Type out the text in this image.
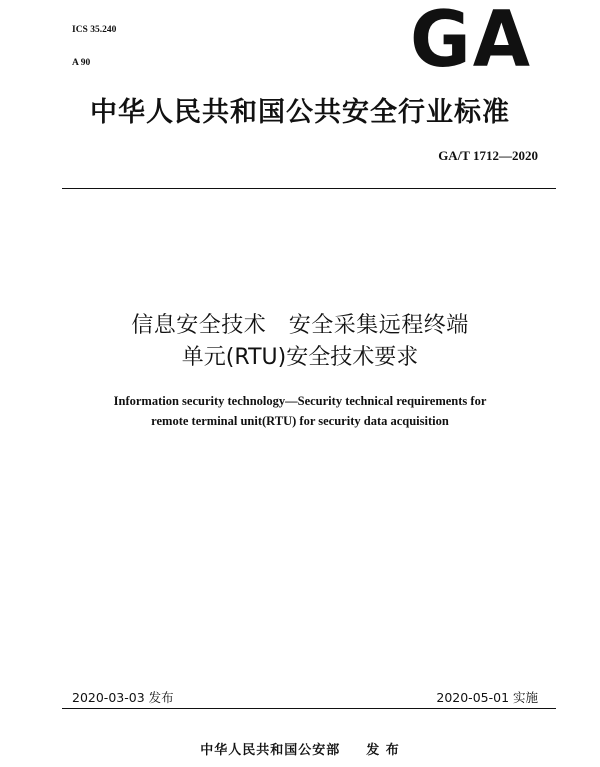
ICS 35.240

A 90	GA
中华人民共和国公共安全行业标准
GA/T 1712—2020
信息安全技术　安全采集远程终端
单元(RTU)安全技术要求
Information security technology—Security technical requirements for
remote terminal unit(RTU) for security data acquisition
2020-03-03 发布	2020-05-01 实施
中华人民共和国公安部 发 布
